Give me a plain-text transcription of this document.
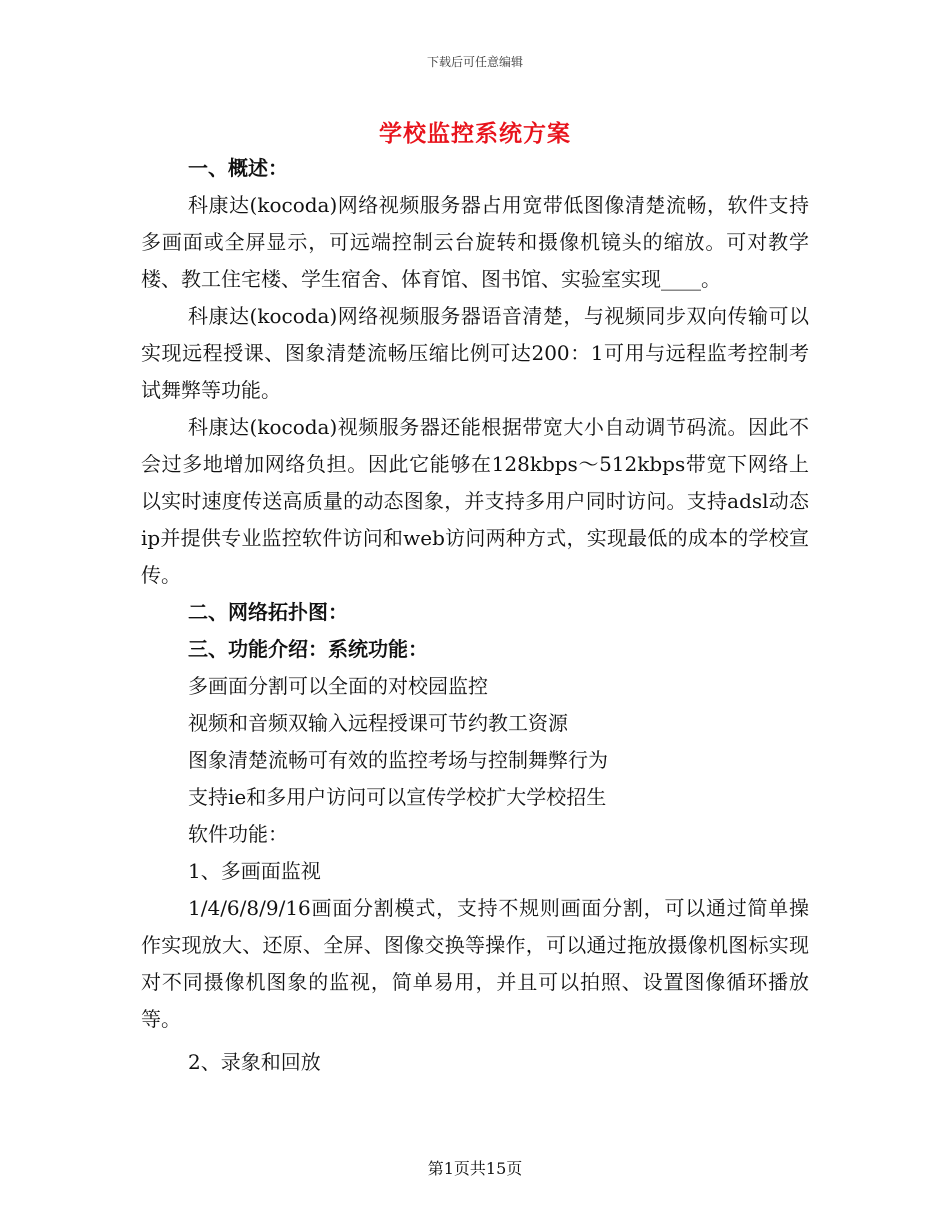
下载后可任意编辑
学校监控系统方案
一、概述：

科康达(kocoda)网络视频服务器占用宽带低图像清楚流畅，软件支持多画面或全屏显示，可远端控制云台旋转和摄像机镜头的缩放。可对教学楼、教工住宅楼、学生宿舍、体育馆、图书馆、实验室实现____。

科康达(kocoda)网络视频服务器语音清楚，与视频同步双向传输可以实现远程授课、图象清楚流畅压缩比例可达200：1可用与远程监考控制考试舞弊等功能。

科康达(kocoda)视频服务器还能根据带宽大小自动调节码流。因此不会过多地增加网络负担。因此它能够在128kbps～512kbps带宽下网络上以实时速度传送高质量的动态图象，并支持多用户同时访问。支持adsl动态ip并提供专业监控软件访问和web访问两种方式，实现最低的成本的学校宣传。

二、网络拓扑图：
三、功能介绍：系统功能：
多画面分割可以全面的对校园监控
视频和音频双输入远程授课可节约教工资源
图象清楚流畅可有效的监控考场与控制舞弊行为
支持ie和多用户访问可以宣传学校扩大学校招生
软件功能：
1、多画面监视

1/4/6/8/9/16画面分割模式，支持不规则画面分割，可以通过简单操作实现放大、还原、全屏、图像交换等操作，可以通过拖放摄像机图标实现对不同摄像机图象的监视，简单易用，并且可以拍照、设置图像循环播放等。

2、录象和回放
第1页共15页
